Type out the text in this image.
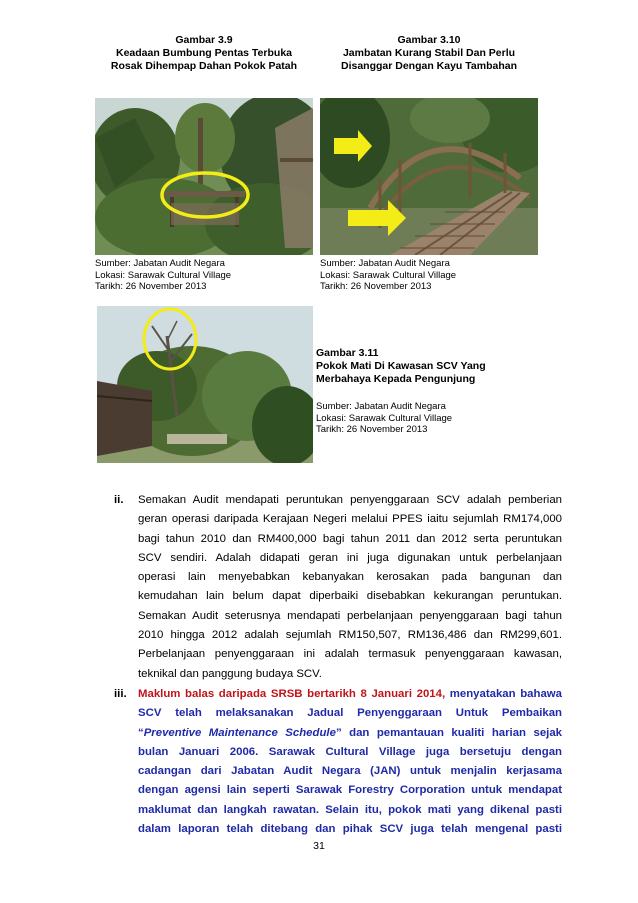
Gambar 3.9
Keadaan Bumbung Pentas Terbuka
Rosak Dihempap Dahan Pokok Patah
Gambar 3.10
Jambatan Kurang Stabil Dan Perlu
Disanggar Dengan Kayu Tambahan
Sumber: Jabatan Audit Negara
Lokasi: Sarawak Cultural Village
Tarikh: 26 November 2013
Sumber: Jabatan Audit Negara
Lokasi: Sarawak Cultural Village
Tarikh: 26 November 2013
Gambar 3.11
Pokok Mati Di Kawasan SCV Yang
Merbahaya Kepada Pengunjung
Sumber: Jabatan Audit Negara
Lokasi: Sarawak Cultural Village
Tarikh: 26 November 2013
ii. Semakan Audit mendapati peruntukan penyenggaraan SCV adalah pemberian
geran operasi daripada Kerajaan Negeri melalui PPES iaitu sejumlah RM174,000
bagi tahun 2010 dan RM400,000 bagi tahun 2011 dan 2012 serta peruntukan
SCV sendiri. Adalah didapati geran ini juga digunakan untuk perbelanjaan
operasi lain menyebabkan kebanyakan kerosakan pada bangunan dan
kemudahan lain belum dapat diperbaiki disebabkan kekurangan peruntukan.
Semakan Audit seterusnya mendapati perbelanjaan penyenggaraan bagi tahun
2010 hingga 2012 adalah sejumlah RM150,507, RM136,486 dan RM299,601.
Perbelanjaan penyenggaraan ini adalah termasuk penyenggaraan kawasan,
teknikal dan panggung budaya SCV.
iii. Maklum balas daripada SRSB bertarikh 8 Januari 2014, menyatakan bahawa
SCV telah melaksanakan Jadual Penyenggaraan Untuk Pembaikan
“Preventive Maintenance Schedule” dan pemantauan kualiti harian sejak
bulan Januari 2006. Sarawak Cultural Village juga bersetuju dengan
cadangan dari Jabatan Audit Negara (JAN) untuk menjalin kerjasama
dengan agensi lain seperti Sarawak Forestry Corporation untuk mendapat
maklumat dan langkah rawatan. Selain itu, pokok mati yang dikenal pasti
dalam laporan telah ditebang dan pihak SCV juga telah mengenal pasti
31
